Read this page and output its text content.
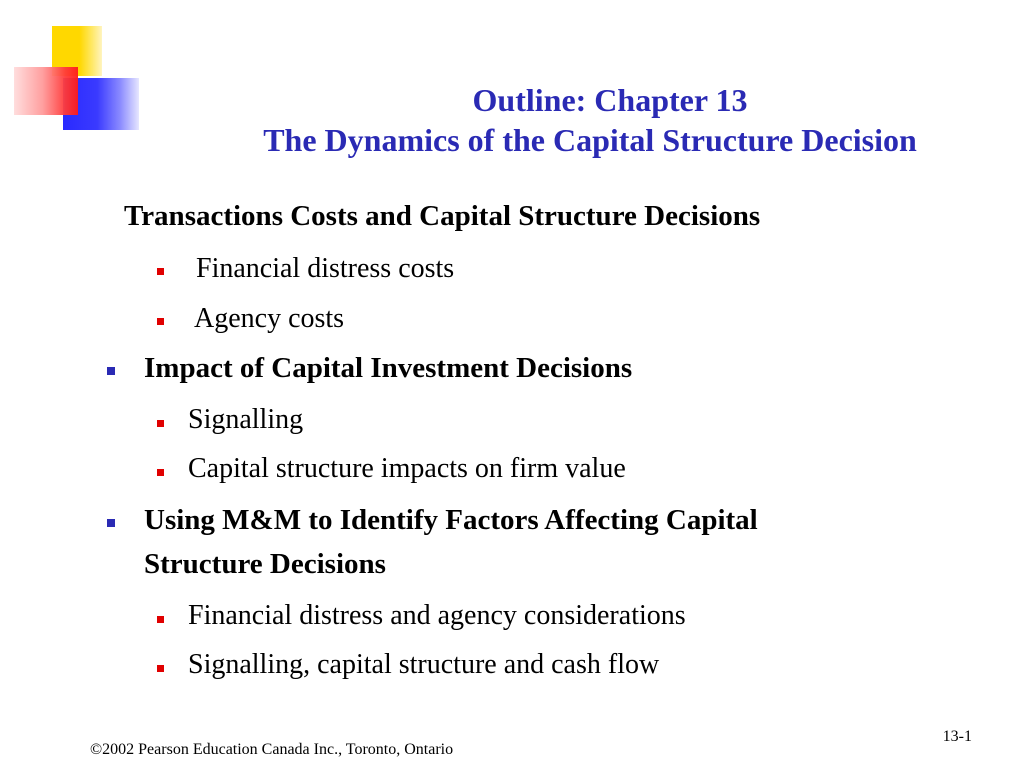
Outline: Chapter 13
The Dynamics of the Capital Structure Decision
Transactions Costs and Capital Structure Decisions
Financial distress costs
Agency costs
Impact of Capital Investment Decisions
Signalling
Capital structure impacts on firm value
Using M&M to Identify Factors Affecting Capital
Structure Decisions
Financial distress and agency considerations
Signalling, capital structure and cash flow
13-1
©2002 Pearson Education Canada Inc., Toronto, Ontario
